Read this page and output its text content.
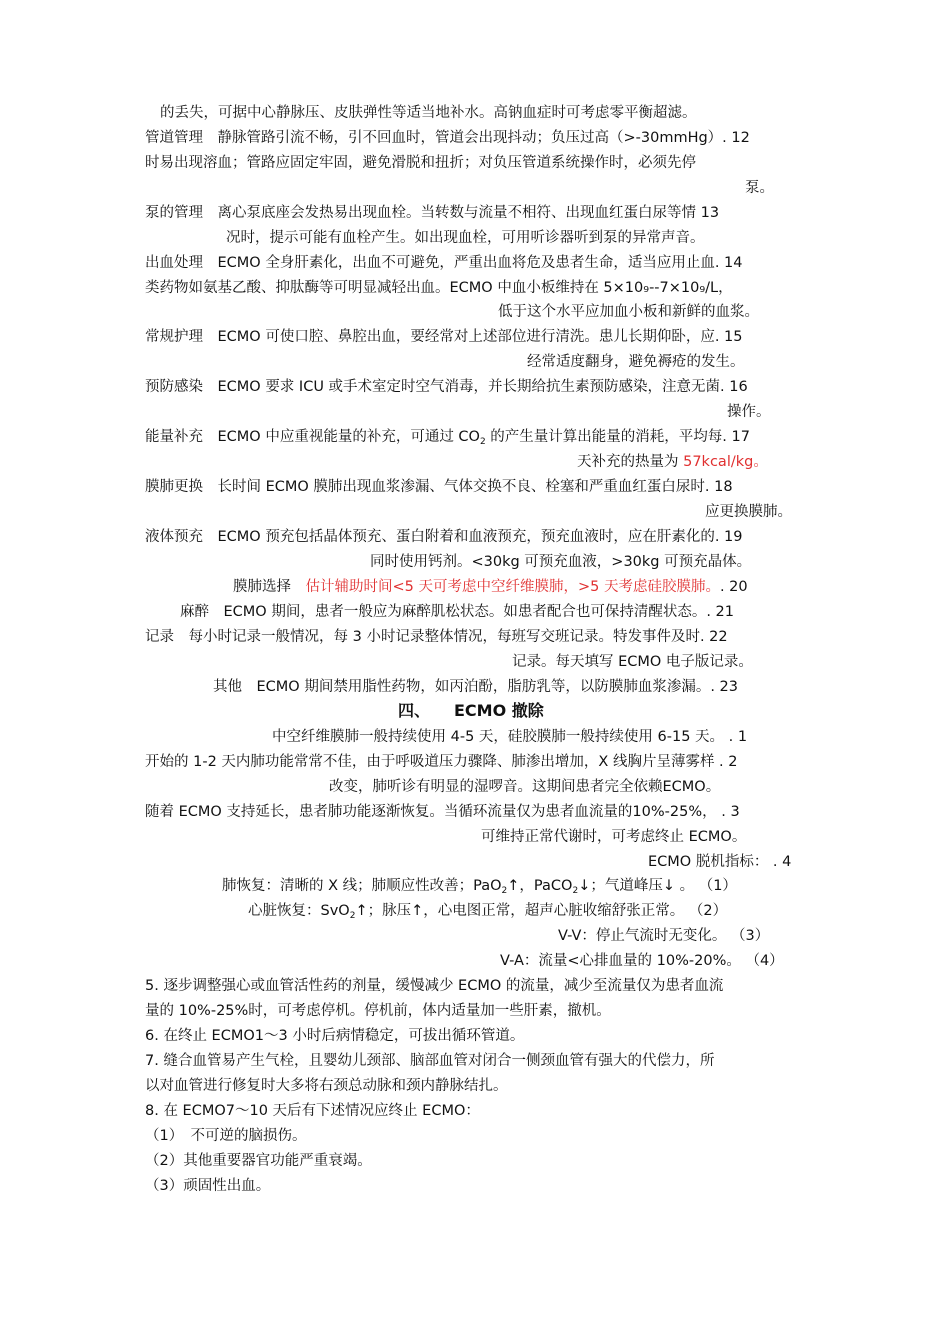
的丢失，可据中心静脉压、皮肤弹性等适当地补水。高钠血症时可考虑零平衡超滤。
管道管理　静脉管路引流不畅，引不回血时，管道会出现抖动；负压过高（>-30mmHg）. 12
时易出现溶血；管路应固定牢固，避免滑脱和扭折；对负压管道系统操作时，必须先停
泵。
泵的管理　离心泵底座会发热易出现血栓。当转数与流量不相符、出现血红蛋白尿等情 13
况时，提示可能有血栓产生。如出现血栓，可用听诊器听到泵的异常声音。
出血处理　ECMO 全身肝素化，出血不可避免，严重出血将危及患者生命，适当应用止血. 14
类药物如氨基乙酸、抑肽酶等可明显减轻出血。ECMO 中血小板维持在 5×10₉--7×10₉/L，
低于这个水平应加血小板和新鲜的血浆。
常规护理　ECMO 可使口腔、鼻腔出血，要经常对上述部位进行清洗。患儿长期仰卧，应. 15
经常适度翻身，避免褥疮的发生。
预防感染　ECMO 要求 ICU 或手术室定时空气消毒，并长期给抗生素预防感染，注意无菌. 16
操作。
能量补充　ECMO 中应重视能量的补充，可通过 $CO_2$ 的产生量计算出能量的消耗，平均每. 17
天补充的热量为 57kcal/kg。
膜肺更换　长时间 ECMO 膜肺出现血浆渗漏、气体交换不良、栓塞和严重血红蛋白尿时. 18
应更换膜肺。
液体预充　ECMO 预充包括晶体预充、蛋白附着和血液预充，预充血液时，应在肝素化的. 19
同时使用钙剂。<30kg 可预充血液，>30kg 可预充晶体。
膜肺选择　估计辅助时间<5 天可考虑中空纤维膜肺，>5 天考虑硅胶膜肺。. 20
麻醉　ECMO 期间，患者一般应为麻醉肌松状态。如患者配合也可保持清醒状态。. 21
记录　每小时记录一般情况，每 3 小时记录整体情况，每班写交班记录。特发事件及时. 22
记录。每天填写 ECMO 电子版记录。
其他　ECMO 期间禁用脂性药物，如丙泊酚，脂肪乳等，以防膜肺血浆渗漏。. 23
四、　　ECMO 撤除
中空纤维膜肺一般持续使用 4-5 天，硅胶膜肺一般持续使用 6-15 天。 . 1
开始的 1-2 天内肺功能常常不佳，由于呼吸道压力骤降、肺渗出增加，X 线胸片呈薄雾样 . 2
改变，肺听诊有明显的湿啰音。这期间患者完全依赖ECMO。
随着 ECMO 支持延长，患者肺功能逐渐恢复。当循环流量仅为患者血流量的10%-25%， . 3
可维持正常代谢时，可考虑终止 ECMO。
ECMO 脱机指标： . 4
肺恢复：清晰的 X 线；肺顺应性改善；PaO$_2$↑，PaCO$_2$↓；气道峰压↓ 。 （1）
心脏恢复：SvO$_2$↑；脉压↑，心电图正常，超声心脏收缩舒张正常。 （2）
V-V：停止气流时无变化。 （3）
V-A：流量<心排血量的 10%-20%。 （4）
5. 逐步调整强心或血管活性药的剂量，缓慢减少 ECMO 的流量，减少至流量仅为患者血流
量的 10%-25%时，可考虑停机。停机前，体内适量加一些肝素，撤机。
6. 在终止 ECMO1～3 小时后病情稳定，可拔出循环管道。
7. 缝合血管易产生气栓，且婴幼儿颈部、脑部血管对闭合一侧颈血管有强大的代偿力，所
以对血管进行修复时大多将右颈总动脉和颈内静脉结扎。
8. 在 ECMO7～10 天后有下述情况应终止 ECMO：
（1）　不可逆的脑损伤。
（2）其他重要器官功能严重衰竭。
（3）顽固性出血。
